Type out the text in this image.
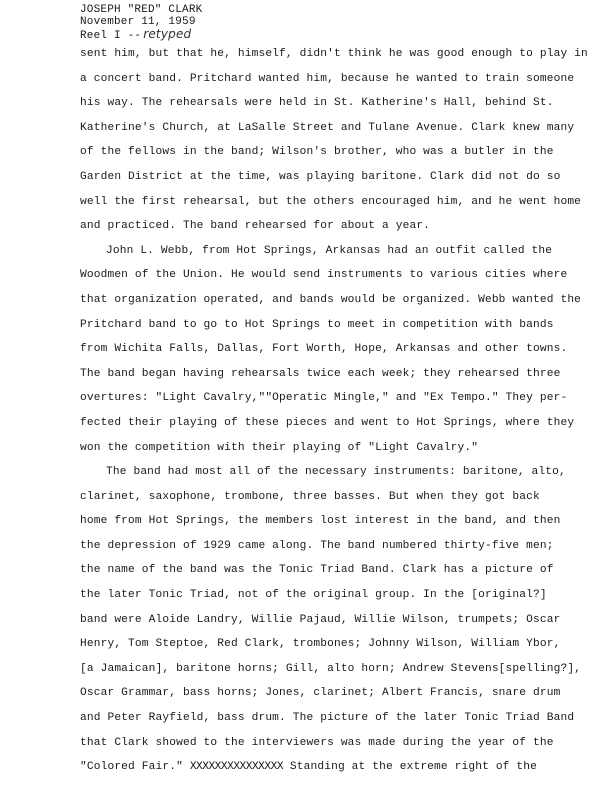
JOSEPH "RED" CLARK
November 11, 1959
Reel I -- retyped
sent him, but that he, himself, didn't think he was good enough to play in
a concert band. Pritchard wanted him, because he wanted to train someone
his way. The rehearsals were held in St. Katherine's Hall, behind St.
Katherine's Church, at LaSalle Street and Tulane Avenue. Clark knew many
of the fellows in the band; Wilson's brother, who was a butler in the
Garden District at the time, was playing baritone. Clark did not do so
well the first rehearsal, but the others encouraged him, and he went home
and practiced. The band rehearsed for about a year.
John L. Webb, from Hot Springs, Arkansas had an outfit called the
Woodmen of the Union. He would send instruments to various cities where
that organization operated, and bands would be organized. Webb wanted the
Pritchard band to go to Hot Springs to meet in competition with bands
from Wichita Falls, Dallas, Fort Worth, Hope, Arkansas and other towns.
The band began having rehearsals twice each week; they rehearsed three
overtures: "Light Cavalry,""Operatic Mingle," and "Ex Tempo." They per-
fected their playing of these pieces and went to Hot Springs, where they
won the competition with their playing of "Light Cavalry."
The band had most all of the necessary instruments: baritone, alto,
clarinet, saxophone, trombone, three basses. But when they got back
home from Hot Springs, the members lost interest in the band, and then
the depression of 1929 came along. The band numbered thirty-five men;
the name of the band was the Tonic Triad Band. Clark has a picture of
the later Tonic Triad, not of the original group. In the [original?]
band were Aloide Landry, Willie Pajaud, Willie Wilson, trumpets; Oscar
Henry, Tom Steptoe, Red Clark, trombones; Johnny Wilson, William Ybor,
[a Jamaican], baritone horns; Gill, alto horn; Andrew Stevens[spelling?],
Oscar Grammar, bass horns; Jones, clarinet; Albert Francis, snare drum
and Peter Rayfield, bass drum. The picture of the later Tonic Triad Band
that Clark showed to the interviewers was made during the year of the
"Colored Fair." XXXXXXXXXXXXXXX Standing at the extreme right of the
